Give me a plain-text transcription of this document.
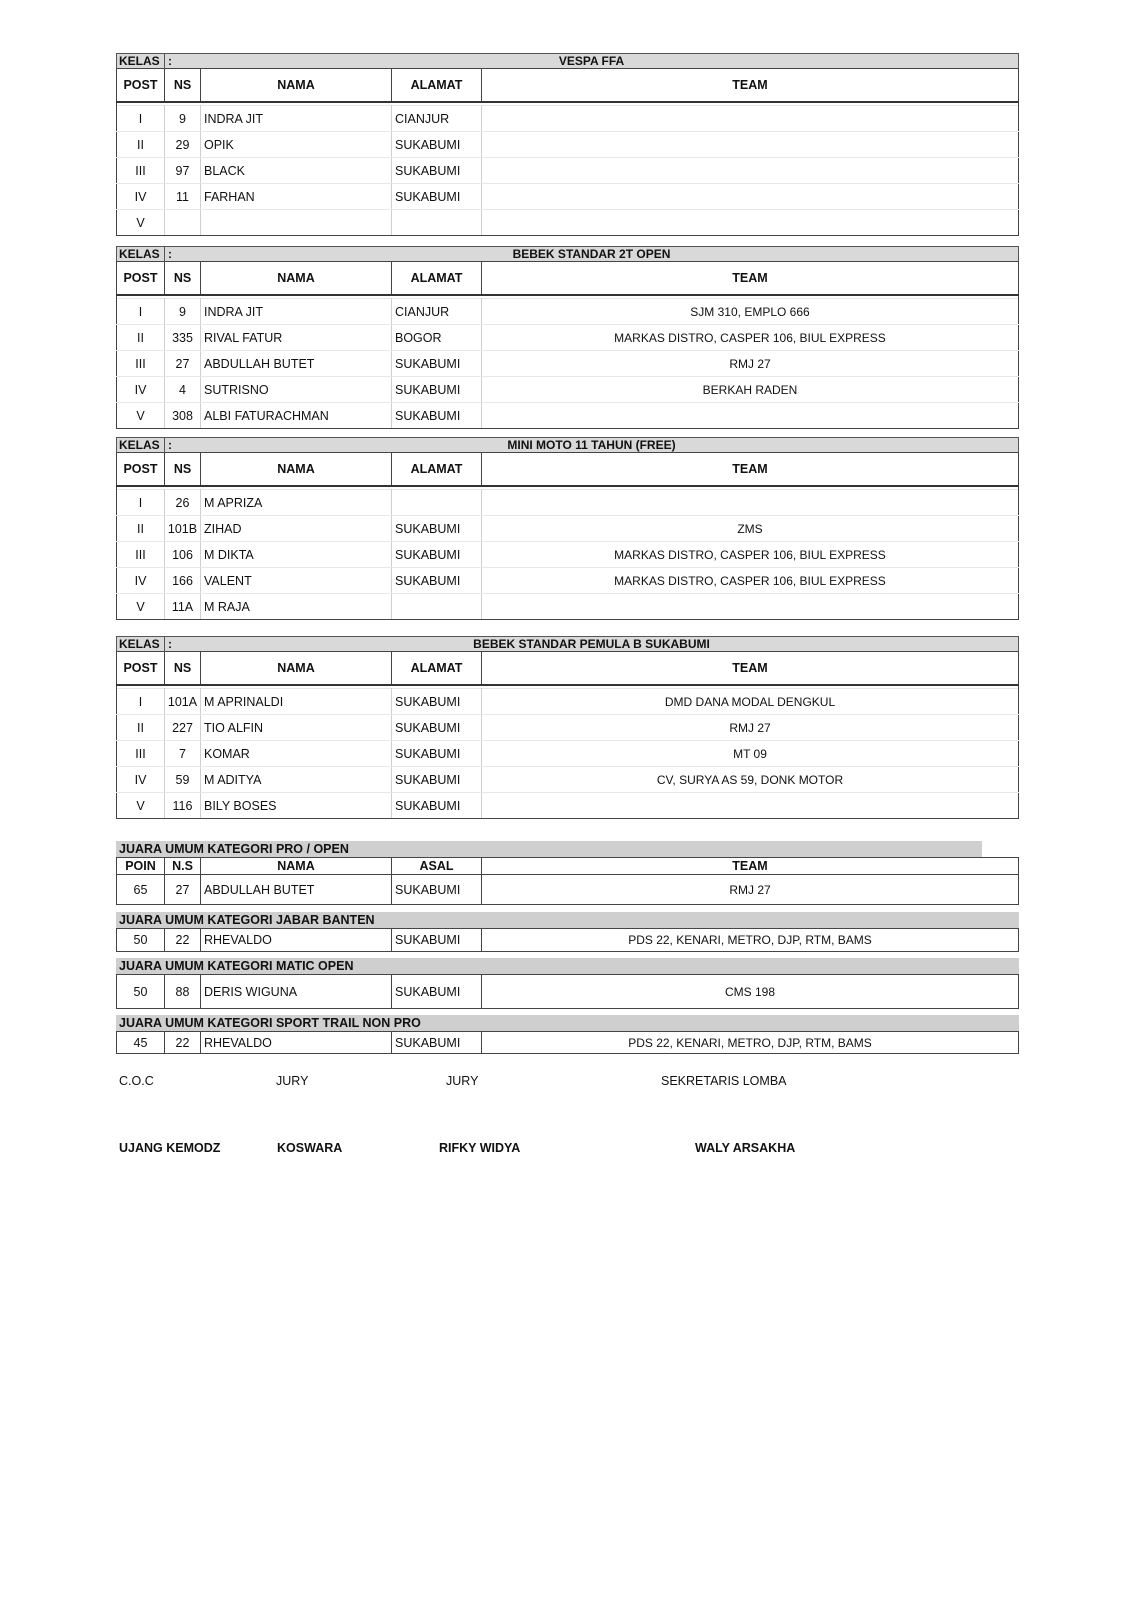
KELAS :	VESPA FFA
POST	NS	NAMA	ALAMAT	TEAM

I	9	INDRA JIT	CIANJUR	
II	29	OPIK	SUKABUMI	
III	97	BLACK	SUKABUMI	
IV	11	FARHAN	SUKABUMI	
V				
KELAS :	BEBEK STANDAR 2T OPEN
POST	NS	NAMA	ALAMAT	TEAM

I	9	INDRA JIT	CIANJUR	SJM 310, EMPLO 666
II	335	RIVAL FATUR	BOGOR	MARKAS DISTRO, CASPER 106, BIUL EXPRESS
III	27	ABDULLAH BUTET	SUKABUMI	RMJ 27
IV	4	SUTRISNO	SUKABUMI	BERKAH RADEN
V	308	ALBI FATURACHMAN	SUKABUMI	
KELAS :	MINI MOTO 11 TAHUN (FREE)
POST	NS	NAMA	ALAMAT	TEAM

I	26	M APRIZA		
II	101B	ZIHAD	SUKABUMI	ZMS
III	106	M DIKTA	SUKABUMI	MARKAS DISTRO, CASPER 106, BIUL EXPRESS
IV	166	VALENT	SUKABUMI	MARKAS DISTRO, CASPER 106, BIUL EXPRESS
V	11A	M RAJA		
KELAS :	BEBEK STANDAR PEMULA B SUKABUMI
POST	NS	NAMA	ALAMAT	TEAM

I	101A	M APRINALDI	SUKABUMI	DMD DANA MODAL DENGKUL
II	227	TIO ALFIN	SUKABUMI	RMJ 27
III	7	KOMAR	SUKABUMI	MT 09
IV	59	M ADITYA	SUKABUMI	CV, SURYA AS 59, DONK MOTOR
V	116	BILY BOSES	SUKABUMI	
JUARA UMUM KATEGORI PRO / OPEN
POIN	N.S	NAMA	ASAL	TEAM
65	27	ABDULLAH BUTET	SUKABUMI	RMJ 27
JUARA UMUM KATEGORI JABAR BANTEN
50	22	RHEVALDO	SUKABUMI	PDS 22, KENARI, METRO, DJP, RTM, BAMS
JUARA UMUM KATEGORI MATIC OPEN
50	88	DERIS WIGUNA	SUKABUMI	CMS 198
JUARA UMUM KATEGORI SPORT TRAIL NON PRO
45	22	RHEVALDO	SUKABUMI	PDS 22, KENARI, METRO, DJP, RTM, BAMS
C.O.C	JURY	JURY	SEKRETARIS LOMBA
UJANG KEMODZ	KOSWARA	RIFKY WIDYA	WALY ARSAKHA
